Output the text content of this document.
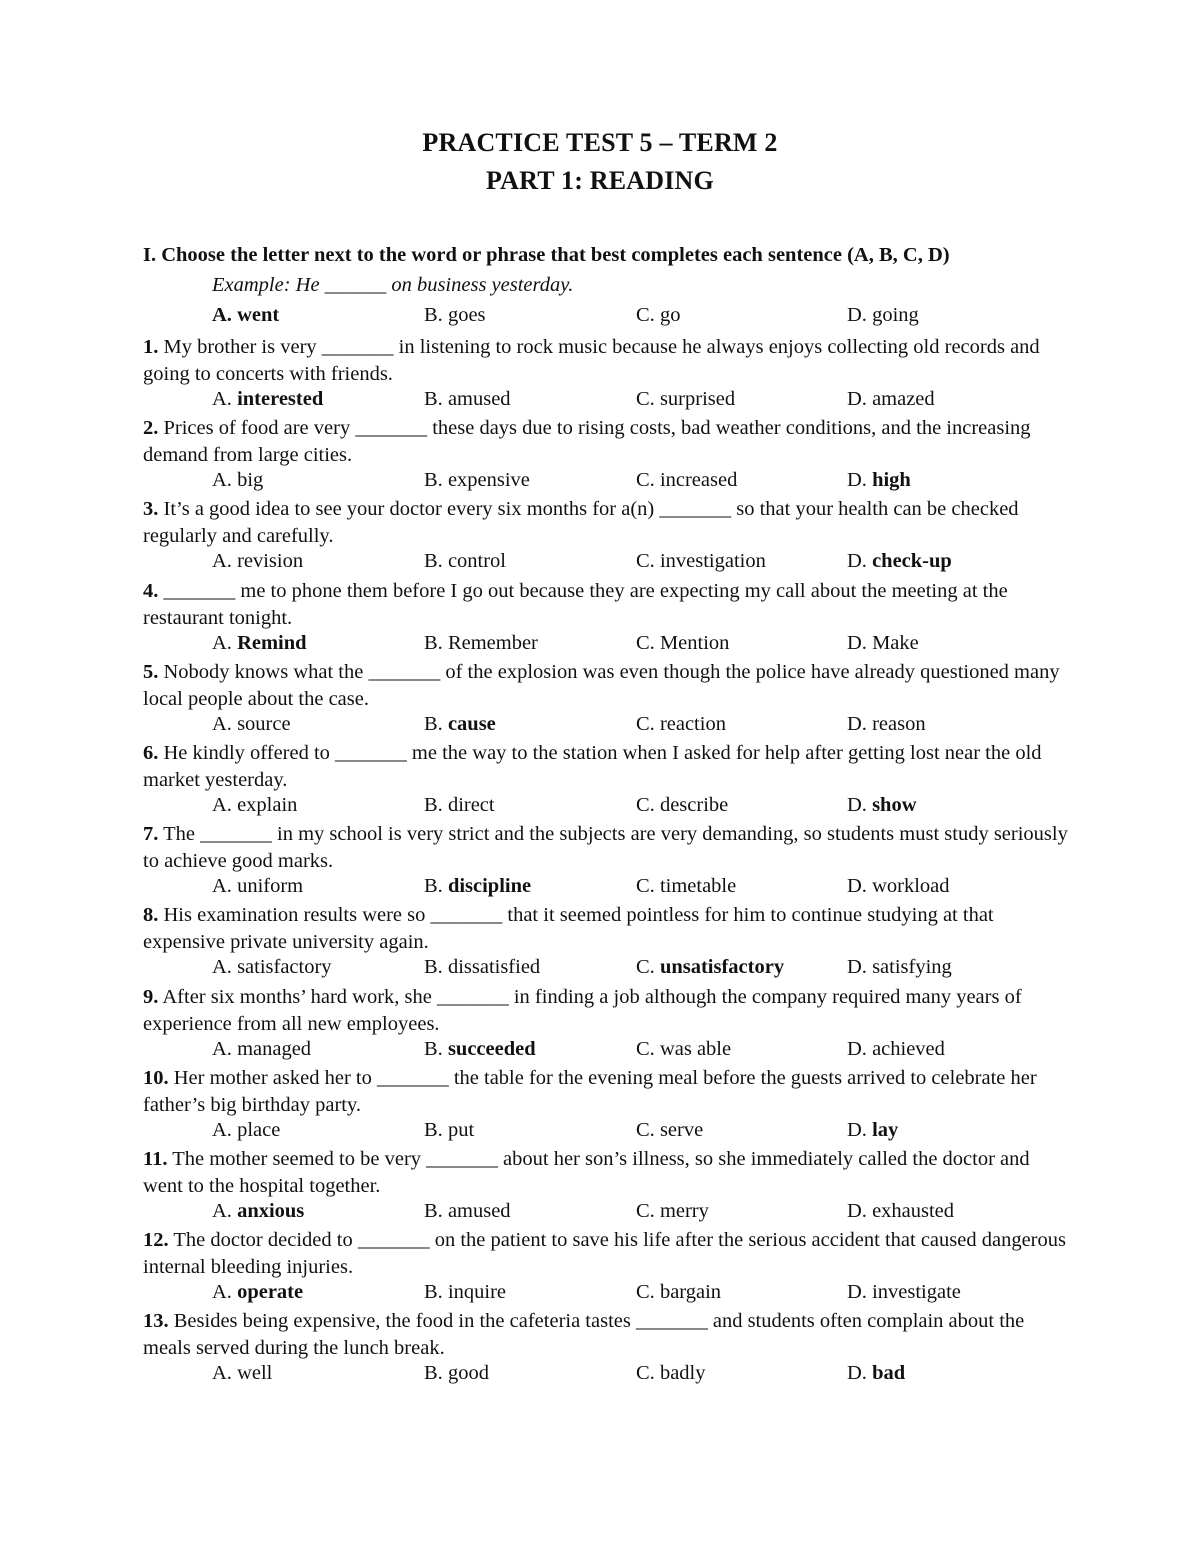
PRACTICE TEST 5 – TERM 2
PART 1: READING
I. Choose the letter next to the word or phrase that best completes each sentence (A, B, C, D)
Example: He ______ on business yesterday.
A. went	B. goes	C. go	D. going
1. My brother is very _______ in listening to rock music because he always enjoys collecting old records and going to concerts with friends.
A. interested	B. amused	C. surprised	D. amazed
2. Prices of food are very _______ these days due to rising costs, bad weather conditions, and the increasing demand from large cities.
A. big	B. expensive	C. increased	D. high
3. It’s a good idea to see your doctor every six months for a(n) _______ so that your health can be checked regularly and carefully.
A. revision	B. control	C. investigation	D. check-up
4. _______ me to phone them before I go out because they are expecting my call about the meeting at the restaurant tonight.
A. Remind	B. Remember	C. Mention	D. Make
5. Nobody knows what the _______ of the explosion was even though the police have already questioned many local people about the case.
A. source	B. cause	C. reaction	D. reason
6. He kindly offered to _______ me the way to the station when I asked for help after getting lost near the old market yesterday.
A. explain	B. direct	C. describe	D. show
7. The _______ in my school is very strict and the subjects are very demanding, so students must study seriously to achieve good marks.
A. uniform	B. discipline	C. timetable	D. workload
8. His examination results were so _______ that it seemed pointless for him to continue studying at that expensive private university again.
A. satisfactory	B. dissatisfied	C. unsatisfactory	D. satisfying
9. After six months’ hard work, she _______ in finding a job although the company required many years of experience from all new employees.
A. managed	B. succeeded	C. was able	D. achieved
10. Her mother asked her to _______ the table for the evening meal before the guests arrived to celebrate her father’s big birthday party.
A. place	B. put	C. serve	D. lay
11. The mother seemed to be very _______ about her son’s illness, so she immediately called the doctor and went to the hospital together.
A. anxious	B. amused	C. merry	D. exhausted
12. The doctor decided to _______ on the patient to save his life after the serious accident that caused dangerous internal bleeding injuries.
A. operate	B. inquire	C. bargain	D. investigate
13. Besides being expensive, the food in the cafeteria tastes _______ and students often complain about the meals served during the lunch break.
A. well	B. good	C. badly	D. bad
